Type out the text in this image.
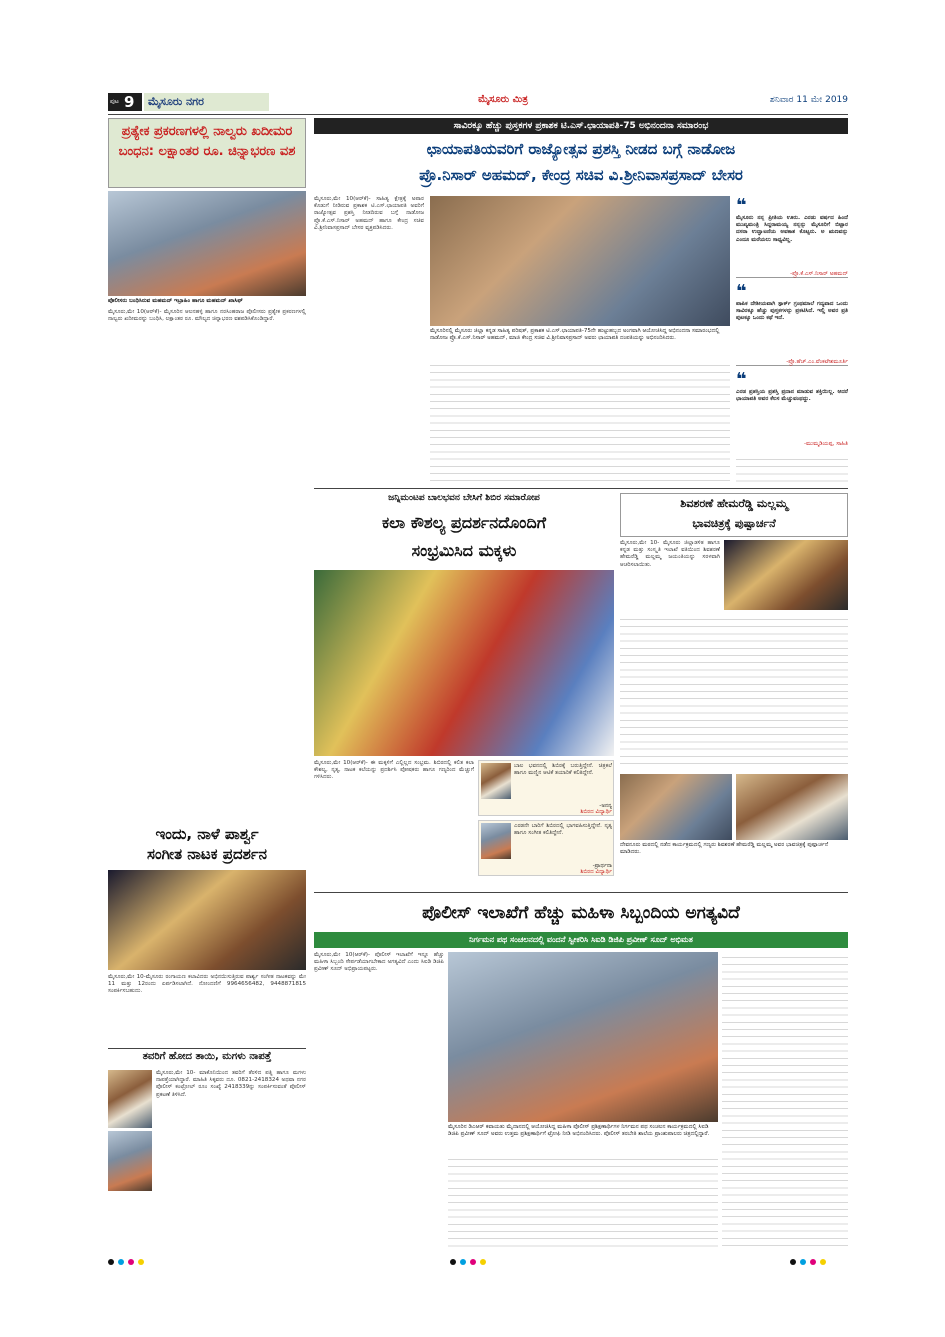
ಪುಟ 9	ಮೈಸೂರು ನಗರ	ಮೈಸೂರು ಮಿತ್ರ	ಶನಿವಾರ 11 ಮೇ 2019
ಪ್ರತ್ಯೇಕ ಪ್ರಕರಣಗಳಲ್ಲಿ ನಾಲ್ವರು ಖದೀಮರ ಬಂಧನ: ಲಕ್ಷಾಂತರ ರೂ. ಚಿನ್ನಾಭರಣ ವಶ
ಪೊಲೀಸರು ಬಂಧಿಸಿರುವ ಮಹಮದ್ ಇಬ್ರಾಹಿಂ ಹಾಗೂ ಮಹಮದ್ ಖಾಸಿಫ್
ಮೈಸೂರು,ಮೇ 10(ಆರ್‌ಕೆ)- ಮೈಸೂರಿನ ಆಲನಹಳ್ಳಿ ಹಾಗೂ ನರಸಿಂಹರಾಜ ಪೊಲೀಸರು ಪ್ರತ್ಯೇಕ ಪ್ರಕರಣಗಳಲ್ಲಿ ನಾಲ್ವರು ಖದೀಮರನ್ನು ಬಂಧಿಸಿ, ಲಕ್ಷಾಂತರ ರೂ. ಮೌಲ್ಯದ ಚಿನ್ನಾಭರಣ ವಶಪಡಿಸಿಕೊಂಡಿದ್ದಾರೆ.
ಇಂದು, ನಾಳೆ ಪಾರ್ಶ್ವ
ಸಂಗೀತ ನಾಟಕ ಪ್ರದರ್ಶನ
ಮೈಸೂರು,ಮೇ 10-ಮೈಸೂರು ರಂಗಾಯಣ ಕಲಾವಿದರು ಅಭಿನಯಿಸುತ್ತಿರುವ ಪಾರ್ಶ್ವ ಸಂಗೀತ ನಾಟಕವನ್ನು ಮೇ 11 ಮತ್ತು 12ರಂದು ಏರ್ಪಡಿಸಲಾಗಿದೆ. ನೋಂದಣಿಗೆ 9964656482, 9448871815 ಸಂಪರ್ಕಿಸಬಹುದು.
ತವರಿಗೆ ಹೋದ ತಾಯಿ, ಮಗಳು ನಾಪತ್ತೆ
ಮೈಸೂರು,ಮೇ 10- ಮಾಕೊನಿಯಿಂದ ತವರಿಗೆ ತೆರಳಿದ ಪತ್ನಿ ಹಾಗೂ ಮಗಳು ನಾಪತ್ತೆಯಾಗಿದ್ದಾರೆ. ಮಾಹಿತಿ ಸಿಕ್ಕವರು ದೂ. 0821-2418324 ಅಥವಾ ನಗರ ಪೊಲೀಸ್ ಕಂಟ್ರೋಲ್ ರೂಂ ಸಂಖ್ಯೆ 2418339ನ್ನು ಸಂಪರ್ಕಿಸುವಂತೆ ಪೊಲೀಸ್ ಪ್ರಕಟಣೆ ತಿಳಿಸಿದೆ.
ಸಾವಿರಕ್ಕೂ ಹೆಚ್ಚು ಪುಸ್ತಕಗಳ ಪ್ರಕಾಶಕ ಟಿ.ಎಸ್.ಛಾಯಾಪತಿ-75 ಅಭಿನಂದನಾ ಸಮಾರಂಭ
ಛಾಯಾಪತಿಯವರಿಗೆ ರಾಜ್ಯೋತ್ಸವ ಪ್ರಶಸ್ತಿ ನೀಡದ ಬಗ್ಗೆ ನಾಡೋಜ
ಪ್ರೊ.ನಿಸಾರ್ ಅಹಮದ್, ಕೇಂದ್ರ ಸಚಿವ ವಿ.ಶ್ರೀನಿವಾಸಪ್ರಸಾದ್ ಬೇಸರ
ಮೈಸೂರು,ಮೇ 10(ಆರ್‌ಕೆ)- ಸಾಹಿತ್ಯ ಕ್ಷೇತ್ರಕ್ಕೆ ಅಪಾರ ಕೊಡುಗೆ ನೀಡಿರುವ ಪ್ರಕಾಶಕ ಟಿ.ಎಸ್.ಛಾಯಾಪತಿ ಅವರಿಗೆ ರಾಜ್ಯೋತ್ಸವ ಪ್ರಶಸ್ತಿ ನೀಡದಿರುವ ಬಗ್ಗೆ ನಾಡೋಜ ಪ್ರೊ.ಕೆ.ಎಸ್.ನಿಸಾರ್ ಅಹಮದ್ ಹಾಗೂ ಕೇಂದ್ರ ಸಚಿವ ವಿ.ಶ್ರೀನಿವಾಸಪ್ರಸಾದ್ ಬೇಸರ ವ್ಯಕ್ತಪಡಿಸಿದರು.
ಮೈಸೂರಿನಲ್ಲಿ ಮೈಸೂರು ಜಿಲ್ಲಾ ಕನ್ನಡ ಸಾಹಿತ್ಯ ಪರಿಷತ್, ಪ್ರಕಾಶಕ ಟಿ.ಎಸ್.ಛಾಯಾಪತಿ-75ನೇ ಹುಟ್ಟುಹಬ್ಬದ ಅಂಗವಾಗಿ ಆಯೋಜಿಸಿದ್ದ ಅಭಿನಂದನಾ ಸಮಾರಂಭದಲ್ಲಿ ನಾಡೋಜ ಪ್ರೊ.ಕೆ.ಎಸ್.ನಿಸಾರ್ ಅಹಮದ್, ಮಾಜಿ ಕೇಂದ್ರ ಸಚಿವ ವಿ.ಶ್ರೀನಿವಾಸಪ್ರಸಾದ್ ಅವರು ಛಾಯಾಪತಿ ದಂಪತಿಯನ್ನು ಅಭಿನಂದಿಸಿದರು.
❝
ಮೈಸೂರು ನನ್ನ ಪ್ರೀತಿಯ ಊರು. ಎರಡು ವರ್ಷದ ಹಿಂದೆ ಮುಖ್ಯಮಂತ್ರಿ ಸಿದ್ದರಾಮಯ್ಯ ನನ್ನನ್ನು ಮೈಸೂರಿಗೆ ಬಿಟ್ಟಾರ ದಸರಾ ಉದ್ಘಾಟನೆಯ ಅವಕಾಶ ಕೊಟ್ಟರು. ಅ ಋಣವನ್ನು ಎಂದೂ ಮರೆಯಲು ಸಾಧ್ಯವಿಲ್ಲ.
-ಪ್ರೊ.ಕೆ.ಎಸ್.ನಿಸಾರ್ ಅಹಮದ್
❝
ಪಾಪಿಕ ದೇಶೀಯವಾಗಿ ಸ್ಪಾರ್ಕ್ ಗ್ರಂಥಮಾಲೆ ಗದ್ಯವಾದ ಒಂದು ಸಾವಿರಕ್ಕೂ ಹೆಚ್ಚು ಪುಸ್ತಕಗಳನ್ನು ಪ್ರಕಟಿಸಿದೆ. ಇಲ್ಲಿ ಅವರ ಪ್ರತಿ ಪುಟಕ್ಕೂ ಒಂದು ಕಥೆ ಇದೆ.
-ಪ್ರೊ.ಹೆಚ್.ಎಂ.ವೆಂಕಟೇಶಮೂರ್ತಿ
❝
ಎರಡ ಪ್ರಶಸ್ತಿಯ ಪ್ರಶಸ್ತಿ ಪ್ರದಾನ ಮಾಡುವ ಶಕ್ತಿಯಿಲ್ಲ. ಆದರೆ ಛಾಯಾಪತಿ ಅವರ ಕೆಲಸ ಮೆಚ್ಚುವಂಥದ್ದು.
-ಮುಮ್ಮಡಿಯಪ್ಪ, ಸಾಹಿತಿ
ಜನ್ನಿಮಂಟಪ ಬಾಲಭವನ ಬೇಸಿಗೆ ಶಿಬಿರ ಸಮಾರೋಪ
ಕಲಾ ಕೌಶಲ್ಯ ಪ್ರದರ್ಶನದೊಂದಿಗೆ
ಸಂಭ್ರಮಿಸಿದ ಮಕ್ಕಳು
ಮೈಸೂರು,ಮೇ 10(ಆರ್‌ಕೆ)- ಈ ಮಕ್ಕಳಿಗೆ ಎಲ್ಲಿಲ್ಲದ ಸಂಭ್ರಮ. ಶಿಬಿರದಲ್ಲಿ ಕಲಿತ ಕಲಾ ಕೌಶಲ್ಯ, ನೃತ್ಯ, ನಾಟಕ ಕಲೆಯನ್ನು ಪ್ರದರ್ಶಿಸಿ ಪೋಷಕರು ಹಾಗೂ ಗಣ್ಯರಿಂದ ಮೆಚ್ಚುಗೆ ಗಳಿಸಿದರು.
ಬಾಲ ಭವನದಲ್ಲಿ ಶಿಬಿರಕ್ಕೆ ಬರುತ್ತಿದ್ದೇನೆ. ಚಿತ್ರಕಲೆ ಹಾಗೂ ಮಣ್ಣಿನ ಆಟಿಕೆ ತಯಾರಿಕೆ ಕಲಿತಿದ್ದೇನೆ.
-ಅನನ್ಯ
ಶಿಬಿರದ ವಿದ್ಯಾರ್ಥಿ
ಎರಡನೇ ಬಾರಿಗೆ ಶಿಬಿರದಲ್ಲಿ ಭಾಗವಹಿಸುತ್ತಿದ್ದೇನೆ. ನೃತ್ಯ ಹಾಗೂ ಸಂಗೀತ ಕಲಿತಿದ್ದೇನೆ.
-ಪ್ರಾರ್ಥನಾ
ಶಿಬಿರದ ವಿದ್ಯಾರ್ಥಿ
ಶಿವಶರಣೆ ಹೇಮರೆಡ್ಡಿ ಮಲ್ಲಮ್ಮ
ಭಾವಚಿತ್ರಕ್ಕೆ ಪುಷ್ಪಾರ್ಚನೆ
ಮೈಸೂರು,ಮೇ 10- ಮೈಸೂರು ಜಿಲ್ಲಾಡಳಿತ ಹಾಗೂ ಕನ್ನಡ ಮತ್ತು ಸಂಸ್ಕೃತಿ ಇಲಾಖೆ ವತಿಯಿಂದ ಶಿವಶರಣೆ ಹೇಮರೆಡ್ಡಿ ಮಲ್ಲಮ್ಮ ಜಯಂತಿಯನ್ನು ಸರಳವಾಗಿ ಆಚರಿಸಲಾಯಿತು.
ದೇವನೂರು ಮಠದಲ್ಲಿ ನಡೆದ ಕಾರ್ಯಕ್ರಮದಲ್ಲಿ ಗಣ್ಯರು ಶಿವಶರಣೆ ಹೇಮರೆಡ್ಡಿ ಮಲ್ಲಮ್ಮ ಅವರ ಭಾವಚಿತ್ರಕ್ಕೆ ಪುಷ್ಪಾರ್ಚನೆ ಮಾಡಿದರು.
ಪೊಲೀಸ್ ಇಲಾಖೆಗೆ ಹೆಚ್ಚು ಮಹಿಳಾ ಸಿಬ್ಬಂದಿಯ ಅಗತ್ಯವಿದೆ
ನಿರ್ಗಮನ ಪಥ ಸಂಚಲನದಲ್ಲಿ ವಂದನೆ ಸ್ವೀಕರಿಸಿ ಸಿಐಡಿ ಡಿಜಿಪಿ ಪ್ರವೀಣ್ ಸೂದ್ ಅಭಿಮತ
ಮೈಸೂರು,ಮೇ 10(ಆರ್‌ಕೆ)- ಪೊಲೀಸ್ ಇಲಾಖೆಗೆ ಇನ್ನೂ ಹೆಚ್ಚು ಮಹಿಳಾ ಸಿಬ್ಬಂದಿ ಸೇರ್ಪಡೆಯಾಗಬೇಕಾದ ಅಗತ್ಯವಿದೆ ಎಂದು ಸಿಐಡಿ ಡಿಜಿಪಿ ಪ್ರವೀಣ್ ಸೂದ್ ಅಭಿಪ್ರಾಯಪಟ್ಟರು.
ಮೈಸೂರಿನ ಡಿಎಆರ್ ಕವಾಯತು ಮೈದಾನದಲ್ಲಿ ಆಯೋಜಿಸಿದ್ದ ಮಹಿಳಾ ಪೊಲೀಸ್ ಪ್ರಶಿಕ್ಷಣಾರ್ಥಿಗಳ ನಿರ್ಗಮನ ಪಥ ಸಂಚಲನ ಕಾರ್ಯಕ್ರಮದಲ್ಲಿ ಸಿಐಡಿ ಡಿಜಿಪಿ ಪ್ರವೀಣ್ ಸೂದ್ ಅವರು ಉತ್ತಮ ಪ್ರಶಿಕ್ಷಣಾರ್ಥಿಗೆ ಟ್ರೋಫಿ ನೀಡಿ ಅಭಿನಂದಿಸಿದರು. ಪೊಲೀಸ್ ತರಬೇತಿ ಶಾಲೆಯ ಪ್ರಾಂಶುಪಾಲರು ಚಿತ್ರದಲ್ಲಿದ್ದಾರೆ.
